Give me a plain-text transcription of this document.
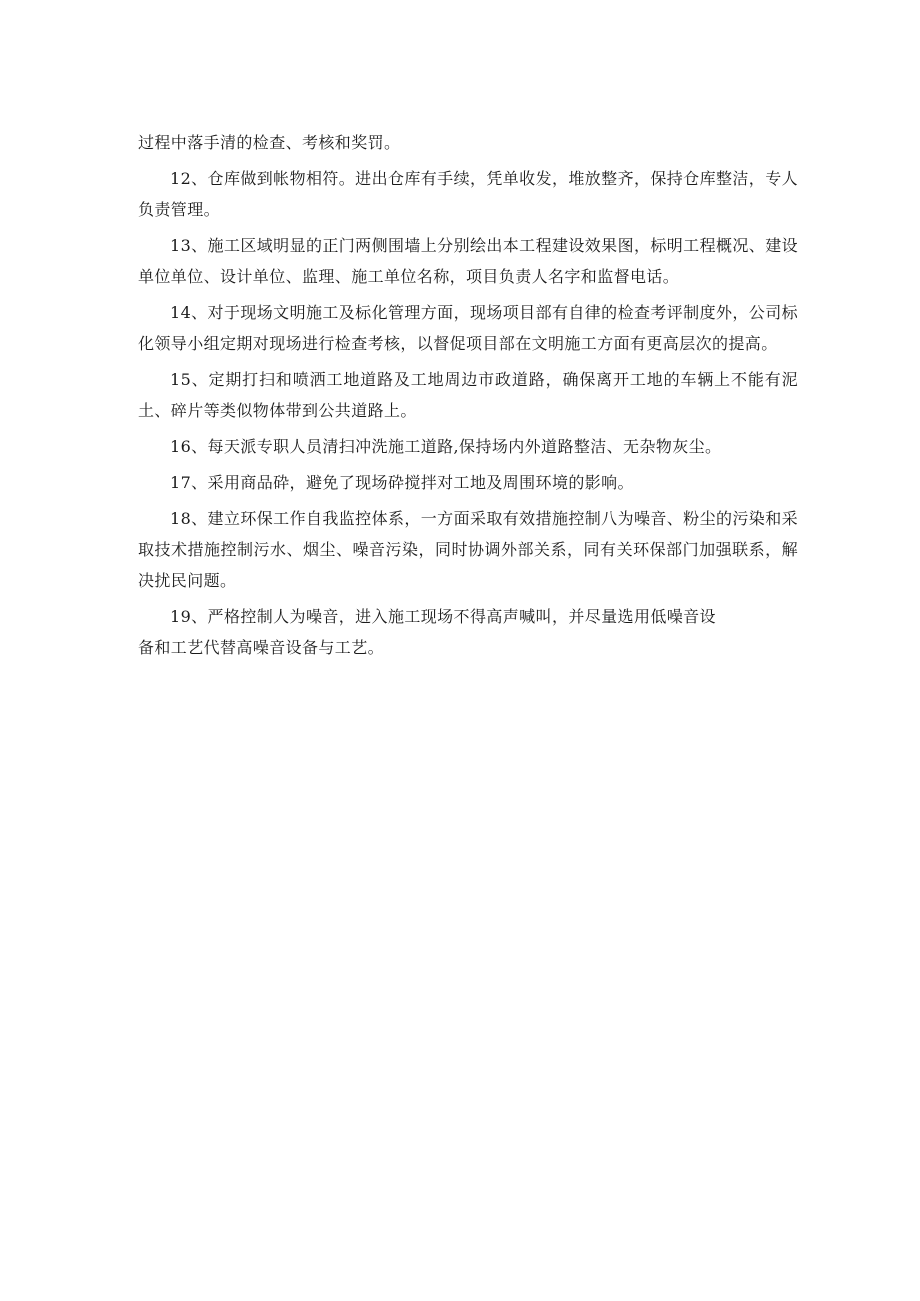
过程中落手清的检查、考核和奖罚。

12、仓库做到帐物相符。进出仓库有手续，凭单收发，堆放整齐，保持仓库整洁，专人负责管理。

13、施工区域明显的正门两侧围墙上分别绘出本工程建设效果图，标明工程概况、建设单位单位、设计单位、监理、施工单位名称，项目负责人名字和监督电话。

14、对于现场文明施工及标化管理方面，现场项目部有自律的检查考评制度外，公司标化领导小组定期对现场进行检查考核，以督促项目部在文明施工方面有更高层次的提高。

15、定期打扫和喷洒工地道路及工地周边市政道路，确保离开工地的车辆上不能有泥土、碎片等类似物体带到公共道路上。

16、每天派专职人员清扫冲洗施工道路,保持场内外道路整洁、无杂物灰尘。

17、采用商品砕，避免了现场砕搅拌对工地及周围环境的影响。

18、建立环保工作自我监控体系，一方面采取有效措施控制八为噪音、粉尘的污染和采取技术措施控制污水、烟尘、噪音污染，同时协调外部关系，同有关环保部门加强联系，解决扰民问题。

19、严格控制人为噪音，进入施工现场不得高声喊叫，并尽量选用低噪音设
备和工艺代替高噪音设备与工艺。
